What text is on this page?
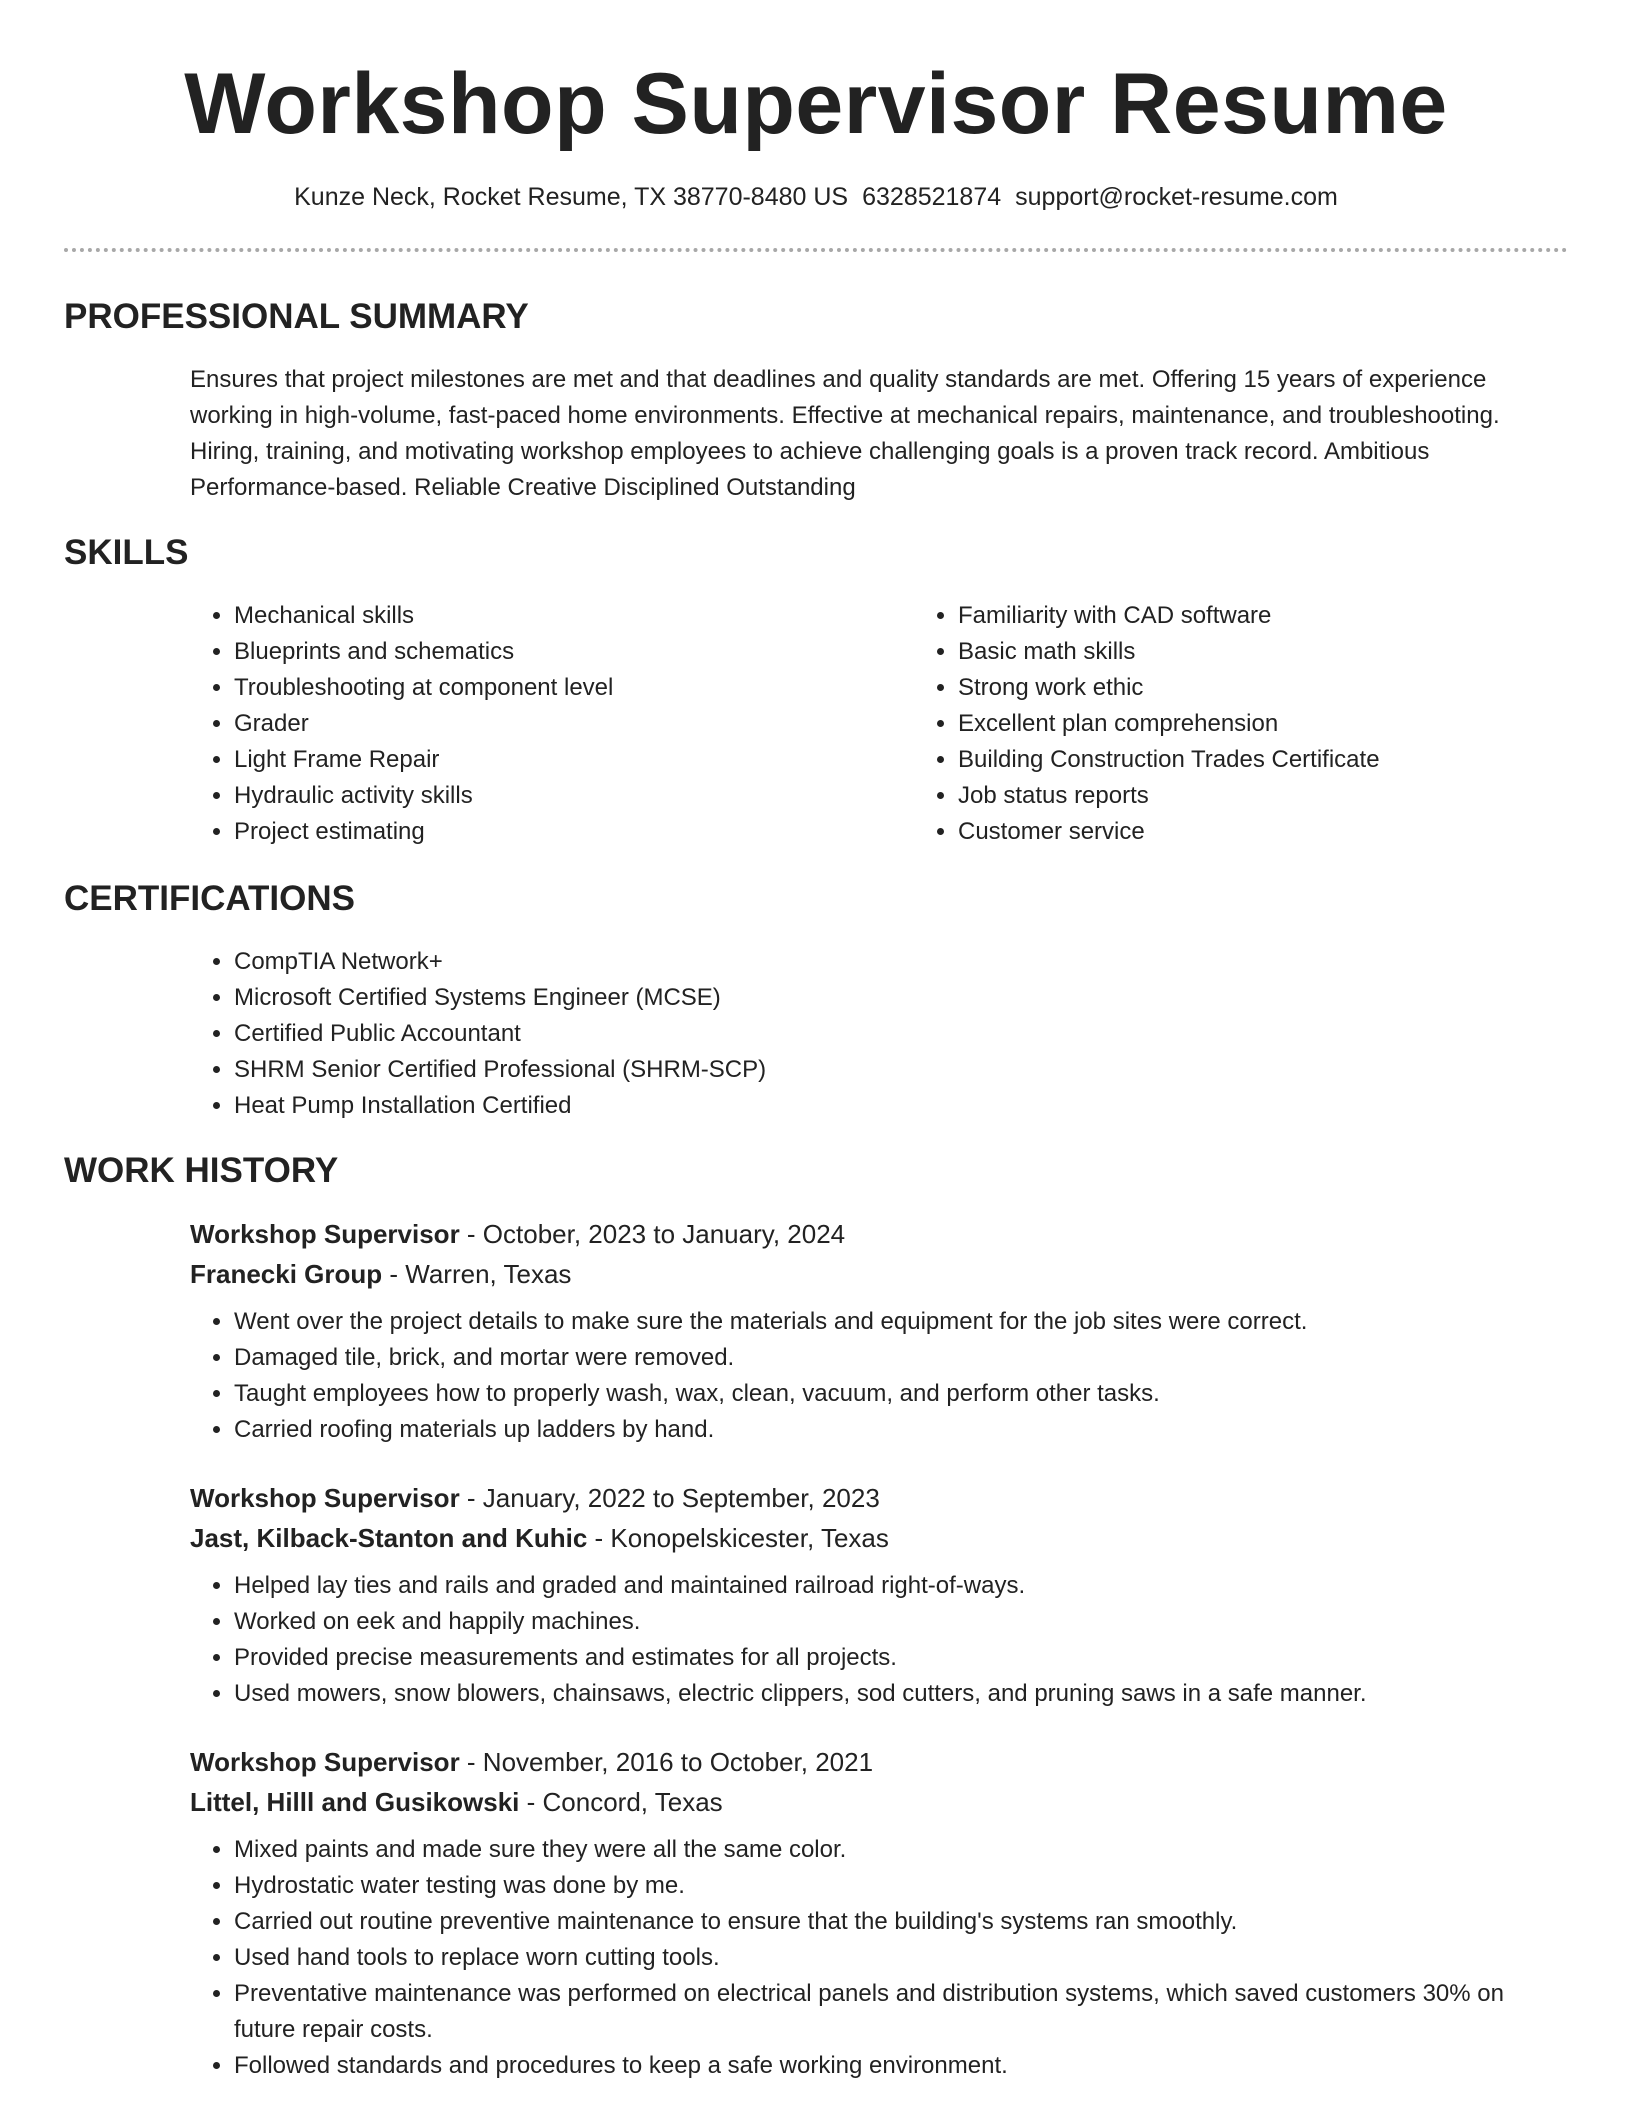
Workshop Supervisor Resume
Kunze Neck, Rocket Resume, TX 38770-8480 US 6328521874 support@rocket-resume.com
PROFESSIONAL SUMMARY
Ensures that project milestones are met and that deadlines and quality standards are met. Offering 15 years of experience working in high-volume, fast-paced home environments. Effective at mechanical repairs, maintenance, and troubleshooting. Hiring, training, and motivating workshop employees to achieve challenging goals is a proven track record. Ambitious Performance-based. Reliable Creative Disciplined Outstanding
SKILLS
• Mechanical skills
• Blueprints and schematics
• Troubleshooting at component level
• Grader
• Light Frame Repair
• Hydraulic activity skills
• Project estimating
• Familiarity with CAD software
• Basic math skills
• Strong work ethic
• Excellent plan comprehension
• Building Construction Trades Certificate
• Job status reports
• Customer service
CERTIFICATIONS
• CompTIA Network+
• Microsoft Certified Systems Engineer (MCSE)
• Certified Public Accountant
• SHRM Senior Certified Professional (SHRM-SCP)
• Heat Pump Installation Certified
WORK HISTORY
Workshop Supervisor - October, 2023 to January, 2024
Franecki Group - Warren, Texas
• Went over the project details to make sure the materials and equipment for the job sites were correct.
• Damaged tile, brick, and mortar were removed.
• Taught employees how to properly wash, wax, clean, vacuum, and perform other tasks.
• Carried roofing materials up ladders by hand.
Workshop Supervisor - January, 2022 to September, 2023
Jast, Kilback-Stanton and Kuhic - Konopelskicester, Texas
• Helped lay ties and rails and graded and maintained railroad right-of-ways.
• Worked on eek and happily machines.
• Provided precise measurements and estimates for all projects.
• Used mowers, snow blowers, chainsaws, electric clippers, sod cutters, and pruning saws in a safe manner.
Workshop Supervisor - November, 2016 to October, 2021
Littel, Hilll and Gusikowski - Concord, Texas
• Mixed paints and made sure they were all the same color.
• Hydrostatic water testing was done by me.
• Carried out routine preventive maintenance to ensure that the building's systems ran smoothly.
• Used hand tools to replace worn cutting tools.
• Preventative maintenance was performed on electrical panels and distribution systems, which saved customers 30% on future repair costs.
• Followed standards and procedures to keep a safe working environment.
